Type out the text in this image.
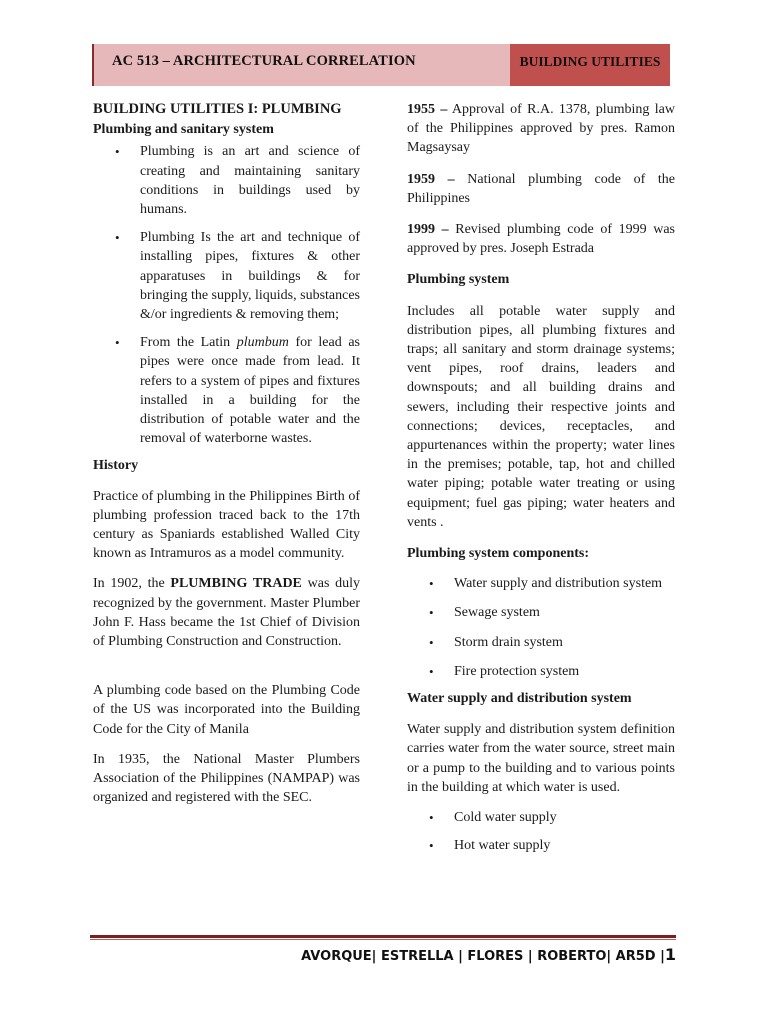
AC 513 – ARCHITECTURAL CORRELATION	BUILDING UTILITIES

BUILDING UTILITIES I: PLUMBING

Plumbing and sanitary system

• Plumbing is an art and science of creating and maintaining sanitary conditions in buildings used by humans.
• Plumbing Is the art and technique of installing pipes, fixtures & other apparatuses in buildings & for bringing the supply, liquids, substances &/or ingredients & removing them;
• From the Latin plumbum for lead as pipes were once made from lead. It refers to a system of pipes and fixtures installed in a building for the distribution of potable water and the removal of waterborne wastes.

History

Practice of plumbing in the Philippines Birth of plumbing profession traced back to the 17th century as Spaniards established Walled City known as Intramuros as a model community.

In 1902, the PLUMBING TRADE was duly recognized by the government. Master Plumber John F. Hass became the 1st Chief of Division of Plumbing Construction and Construction.

A plumbing code based on the Plumbing Code of the US was incorporated into the Building Code for the City of Manila

In 1935, the National Master Plumbers Association of the Philippines (NAMPAP) was organized and registered with the SEC.

1955 – Approval of R.A. 1378, plumbing law of the Philippines approved by pres. Ramon Magsaysay

1959 – National plumbing code of the Philippines

1999 – Revised plumbing code of 1999 was approved by pres. Joseph Estrada

Plumbing system

Includes all potable water supply and distribution pipes, all plumbing fixtures and traps; all sanitary and storm drainage systems; vent pipes, roof drains, leaders and downspouts; and all building drains and sewers, including their respective joints and connections; devices, receptacles, and appurtenances within the property; water lines in the premises; potable, tap, hot and chilled water piping; potable water treating or using equipment; fuel gas piping; water heaters and vents .

Plumbing system components:

• Water supply and distribution system
• Sewage system
• Storm drain system
• Fire protection system

Water supply and distribution system

Water supply and distribution system definition carries water from the water source, street main or a pump to the building and to various points in the building at which water is used.

• Cold water supply
• Hot water supply
AVORQUE| ESTRELLA | FLORES | ROBERTO| AR5D |1
